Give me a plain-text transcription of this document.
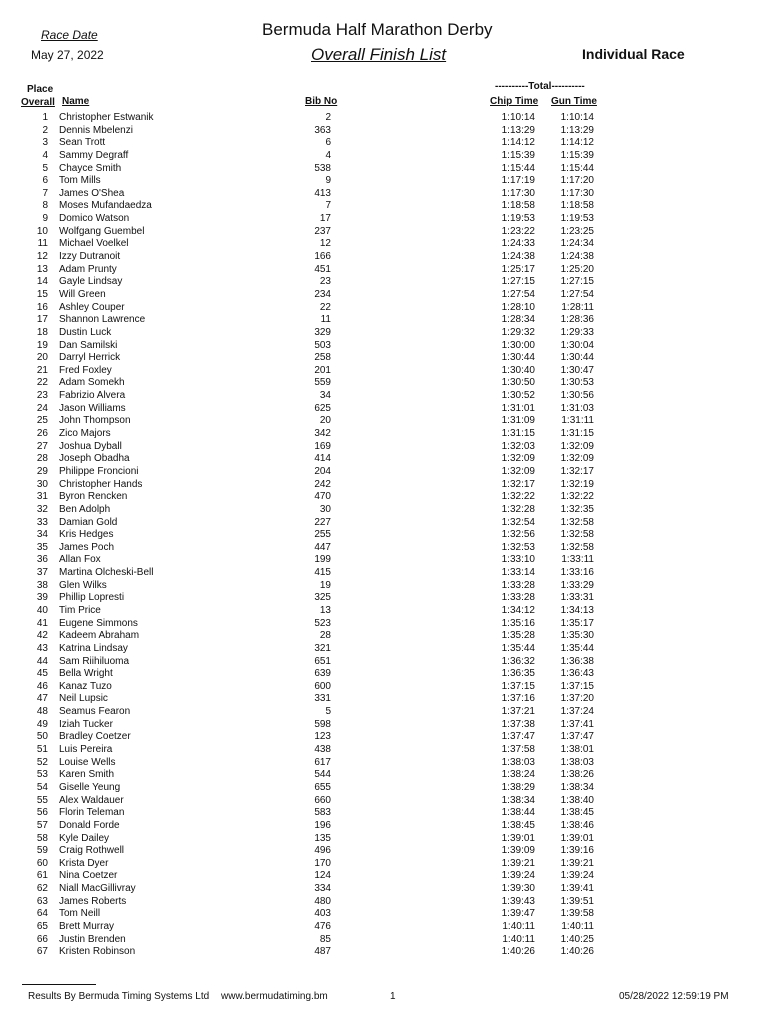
Race Date
May 27, 2022
Bermuda Half Marathon Derby
Overall Finish List	Individual Race
----------Total----------
Place
Overall Name	Bib No	Chip Time Gun Time
1 Christopher Estwanik	2	1:10:14	1:10:14
2 Dennis Mbelenzi	363	1:13:29	1:13:29
3 Sean Trott	6	1:14:12	1:14:12
4 Sammy Degraff	4	1:15:39	1:15:39
5 Chayce Smith	538	1:15:44	1:15:44
6 Tom Mills	9	1:17:19	1:17:20
7 James O'Shea	413	1:17:30	1:17:30
8 Moses Mufandaedza	7	1:18:58	1:18:58
9 Domico Watson	17	1:19:53	1:19:53
10 Wolfgang Guembel	237	1:23:22	1:23:25
11 Michael Voelkel	12	1:24:33	1:24:34
12 Izzy Dutranoit	166	1:24:38	1:24:38
13 Adam Prunty	451	1:25:17	1:25:20
14 Gayle Lindsay	23	1:27:15	1:27:15
15 Will Green	234	1:27:54	1:27:54
16 Ashley Couper	22	1:28:10	1:28:11
17 Shannon Lawrence	11	1:28:34	1:28:36
18 Dustin Luck	329	1:29:32	1:29:33
19 Dan Samilski	503	1:30:00	1:30:04
20 Darryl Herrick	258	1:30:44	1:30:44
21 Fred Foxley	201	1:30:40	1:30:47
22 Adam Somekh	559	1:30:50	1:30:53
23 Fabrizio Alvera	34	1:30:52	1:30:56
24 Jason Williams	625	1:31:01	1:31:03
25 John Thompson	20	1:31:09	1:31:11
26 Zico Majors	342	1:31:15	1:31:15
27 Joshua Dyball	169	1:32:03	1:32:09
28 Joseph Obadha	414	1:32:09	1:32:09
29 Philippe Froncioni	204	1:32:09	1:32:17
30 Christopher Hands	242	1:32:17	1:32:19
31 Byron Rencken	470	1:32:22	1:32:22
32 Ben Adolph	30	1:32:28	1:32:35
33 Damian Gold	227	1:32:54	1:32:58
34 Kris Hedges	255	1:32:56	1:32:58
35 James Poch	447	1:32:53	1:32:58
36 Allan Fox	199	1:33:10	1:33:11
37 Martina Olcheski-Bell	415	1:33:14	1:33:16
38 Glen Wilks	19	1:33:28	1:33:29
39 Phillip Lopresti	325	1:33:28	1:33:31
40 Tim Price	13	1:34:12	1:34:13
41 Eugene Simmons	523	1:35:16	1:35:17
42 Kadeem Abraham	28	1:35:28	1:35:30
43 Katrina Lindsay	321	1:35:44	1:35:44
44 Sam Riihiluoma	651	1:36:32	1:36:38
45 Bella Wright	639	1:36:35	1:36:43
46 Kanaz Tuzo	600	1:37:15	1:37:15
47 Neil Lupsic	331	1:37:16	1:37:20
48 Seamus Fearon	5	1:37:21	1:37:24
49 Iziah Tucker	598	1:37:38	1:37:41
50 Bradley Coetzer	123	1:37:47	1:37:47
51 Luis Pereira	438	1:37:58	1:38:01
52 Louise Wells	617	1:38:03	1:38:03
53 Karen Smith	544	1:38:24	1:38:26
54 Giselle Yeung	655	1:38:29	1:38:34
55 Alex Waldauer	660	1:38:34	1:38:40
56 Florin Teleman	583	1:38:44	1:38:45
57 Donald Forde	196	1:38:45	1:38:46
58 Kyle Dailey	135	1:39:01	1:39:01
59 Craig Rothwell	496	1:39:09	1:39:16
60 Krista Dyer	170	1:39:21	1:39:21
61 Nina Coetzer	124	1:39:24	1:39:24
62 Niall MacGillivray	334	1:39:30	1:39:41
63 James Roberts	480	1:39:43	1:39:51
64 Tom Neill	403	1:39:47	1:39:58
65 Brett Murray	476	1:40:11	1:40:11
66 Justin Brenden	85	1:40:11	1:40:25
67 Kristen Robinson	487	1:40:26	1:40:26
Results By Bermuda Timing Systems Ltd www.bermudatiming.bm	1	05/28/2022 12:59:19 PM
